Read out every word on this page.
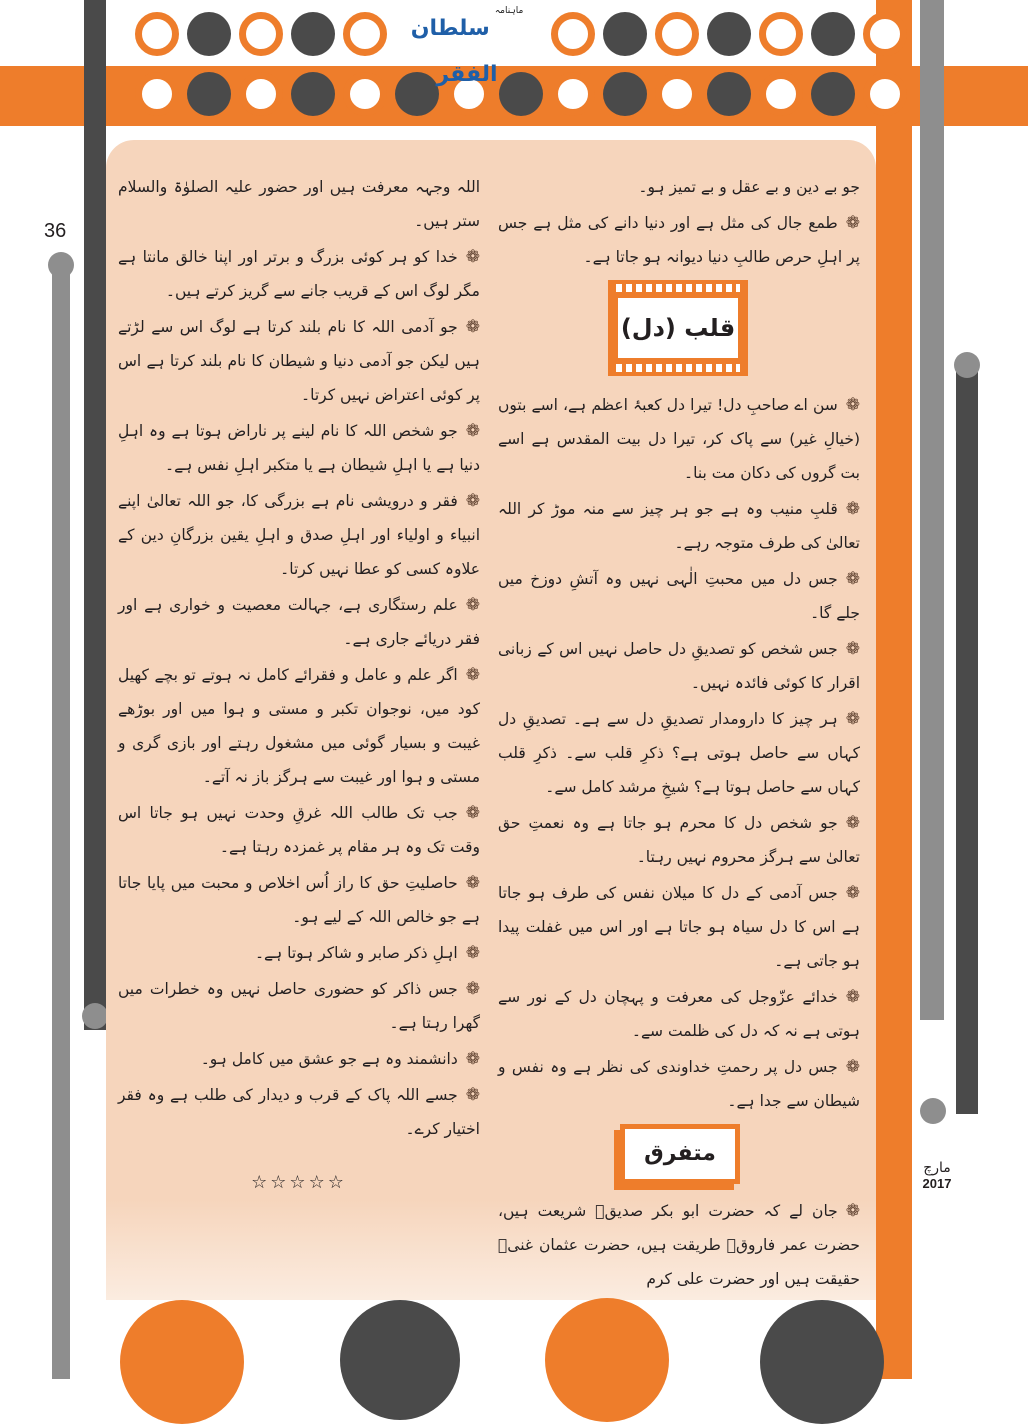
$^{ماہنامہ}$ سلطان الفقر
36
مارچ
2017

جو بے دین و بے عقل و بے تمیز ہو۔

❁طمع جال کی مثل ہے اور دنیا دانے کی مثل ہے جس پر اہلِ حرص طالبِ دنیا دیوانہ ہو جاتا ہے۔

قلب (دل)

❁سن اے صاحبِ دل! تیرا دل کعبۂ اعظم ہے، اسے بتوں (خیالِ غیر) سے پاک کر، تیرا دل بیت المقدس ہے اسے بت گروں کی دکان مت بنا۔

❁قلبِ منیب وہ ہے جو ہر چیز سے منہ موڑ کر اللہ تعالیٰ کی طرف متوجہ رہے۔

❁جس دل میں محبتِ الٰہی نہیں وہ آتشِ دوزخ میں جلے گا۔

❁جس شخص کو تصدیقِ دل حاصل نہیں اس کے زبانی اقرار کا کوئی فائدہ نہیں۔

❁ہر چیز کا دارومدار تصدیقِ دل سے ہے۔ تصدیقِ دل کہاں سے حاصل ہوتی ہے؟ ذکرِ قلب سے۔ ذکرِ قلب کہاں سے حاصل ہوتا ہے؟ شیخِ مرشد کامل سے۔

❁جو شخص دل کا محرم ہو جاتا ہے وہ نعمتِ حق تعالیٰ سے ہرگز محروم نہیں رہتا۔

❁جس آدمی کے دل کا میلان نفس کی طرف ہو جاتا ہے اس کا دل سیاہ ہو جاتا ہے اور اس میں غفلت پیدا ہو جاتی ہے۔

❁خدائے عزّوجل کی معرفت و پہچان دل کے نور سے ہوتی ہے نہ کہ دل کی ظلمت سے۔

❁جس دل پر رحمتِ خداوندی کی نظر ہے وہ نفس و شیطان سے جدا ہے۔

متفرق

❁جان لے کہ حضرت ابو بکر صدیقؓ شریعت ہیں، حضرت عمر فاروقؓ طریقت ہیں، حضرت عثمان غنیؓ حقیقت ہیں اور حضرت علی کرم

اللہ وجہہ معرفت ہیں اور حضور علیہ الصلوٰۃ والسلام ستر ہیں۔

❁خدا کو ہر کوئی بزرگ و برتر اور اپنا خالق مانتا ہے مگر لوگ اس کے قریب جانے سے گریز کرتے ہیں۔

❁جو آدمی اللہ کا نام بلند کرتا ہے لوگ اس سے لڑتے ہیں لیکن جو آدمی دنیا و شیطان کا نام بلند کرتا ہے اس پر کوئی اعتراض نہیں کرتا۔

❁جو شخص اللہ کا نام لینے پر ناراض ہوتا ہے وہ اہلِ دنیا ہے یا اہلِ شیطان ہے یا متکبر اہلِ نفس ہے۔

❁فقر و درویشی نام ہے بزرگی کا، جو اللہ تعالیٰ اپنے انبیاء و اولیاء اور اہلِ صدق و اہلِ یقین بزرگانِ دین کے علاوہ کسی کو عطا نہیں کرتا۔

❁علم رستگاری ہے، جہالت معصیت و خواری ہے اور فقر دریائے جاری ہے۔

❁اگر علم و عامل و فقرائے کامل نہ ہوتے تو بچے کھیل کود میں، نوجوان تکبر و مستی و ہوا میں اور بوڑھے غیبت و بسیار گوئی میں مشغول رہتے اور بازی گری و مستی و ہوا اور غیبت سے ہرگز باز نہ آتے۔

❁جب تک طالب اللہ غرقِ وحدت نہیں ہو جاتا اس وقت تک وہ ہر مقام پر غمزدہ رہتا ہے۔

❁حاصلیتِ حق کا راز اُس اخلاص و محبت میں پایا جاتا ہے جو خالص اللہ کے لیے ہو۔

❁اہلِ ذکر صابر و شاکر ہوتا ہے۔

❁جس ذاکر کو حضوری حاصل نہیں وہ خطرات میں گھرا رہتا ہے۔

❁دانشمند وہ ہے جو عشق میں کامل ہو۔

❁جسے اللہ پاک کے قرب و دیدار کی طلب ہے وہ فقر اختیار کرے۔

☆☆☆☆☆
